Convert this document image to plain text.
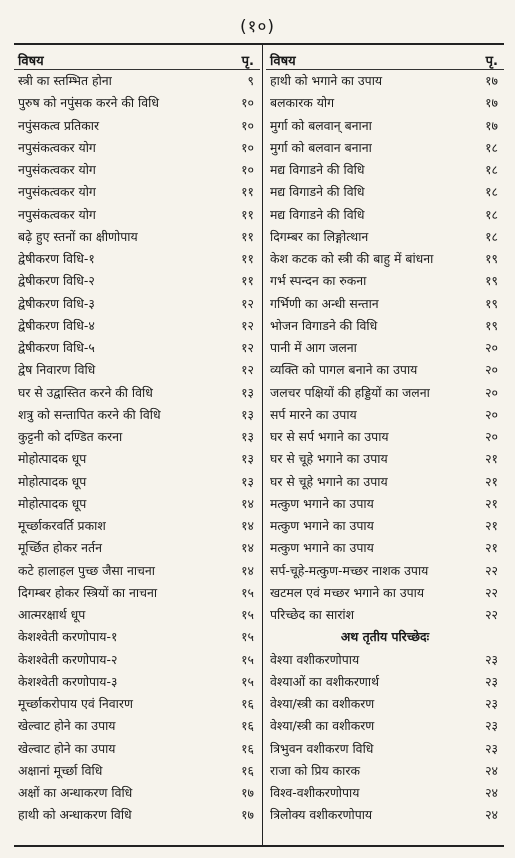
(१०)
विषय	पृ.
स्त्री का स्तम्भित होना	९
पुरुष को नपुंसक करने की विधि	१०
नपुंसकत्व प्रतिकार	१०
नपुसंकत्वकर योग	१०
नपुसंकत्वकर योग	१०
नपुसंकत्वकर योग	११
नपुसंकत्वकर योग	११
बढ़े हुए स्तनों का क्षीणोपाय	११
द्वेषीकरण विधि-१	११
द्वेषीकरण विधि-२	११
द्वेषीकरण विधि-३	१२
द्वेषीकरण विधि-४	१२
द्वेषीकरण विधि-५	१२
द्वेष निवारण विधि	१२
घर से उद्वास्तित करने की विधि	१३
शत्रु को सन्तापित करने की विधि	१३
कुट्टनी को दण्डित करना	१३
मोहोत्पादक धूप	१३
मोहोत्पादक धूप	१३
मोहोत्पादक धूप	१४
मूर्च्छाकरवर्ति प्रकाश	१४
मूर्च्छित होकर नर्तन	१४
कटे हालाहल पुच्छ जैसा नाचना	१४
दिगम्बर होकर स्त्रियों का नाचना	१५
आत्मरक्षार्थ धूप	१५
केशश्वेती करणोपाय-१	१५
केशश्वेती करणोपाय-२	१५
केशश्वेती करणोपाय-३	१५
मूर्च्छाकरोपाय एवं निवारण	१६
खेल्वाट होने का उपाय	१६
खेल्वाट होने का उपाय	१६
अक्षानां मूर्च्छा विधि	१६
अक्षों का अन्धाकरण विधि	१७
हाथी को अन्धाकरण विधि	१७
विषय	पृ.
हाथी को भगाने का उपाय	१७
बलकारक योग	१७
मुर्गा को बलवान् बनाना	१७
मुर्गा को बलवान बनाना	१८
मद्य विगाडने की विधि	१८
मद्य विगाडने की विधि	१८
मद्य विगाडने की विधि	१८
दिगम्बर का लिङ्गोत्थान	१८
केश कटक को स्त्री की बाहु में बांधना	१९
गर्भ स्पन्दन का रुकना	१९
गर्भिणी का अन्धी सन्तान	१९
भोजन विगाडने की विधि	१९
पानी में आग जलना	२०
व्यक्ति को पागल बनाने का उपाय	२०
जलचर पक्षियों की हड्डियों का जलना	२०
सर्प मारने का उपाय	२०
घर से सर्प भगाने का उपाय	२०
घर से चूहे भगाने का उपाय	२१
घर से चूहे भगाने का उपाय	२१
मत्कुण भगाने का उपाय	२१
मत्कुण भगाने का उपाय	२१
मत्कुण भगाने का उपाय	२१
सर्प-चूहे-मत्कुण-मच्छर नाशक उपाय	२२
खटमल एवं मच्छर भगाने का उपाय	२२
परिच्छेद का सारांश	२२
अथ तृतीय परिच्छेदः
वेश्या वशीकरणोपाय	२३
वेश्याओं का वशीकरणार्थ	२३
वेश्या/स्त्री का वशीकरण	२३
वेश्या/स्त्री का वशीकरण	२३
त्रिभुवन वशीकरण विधि	२३
राजा को प्रिय कारक	२४
विश्व-वशीकरणोपाय	२४
त्रिलोक्य वशीकरणोपाय	२४
